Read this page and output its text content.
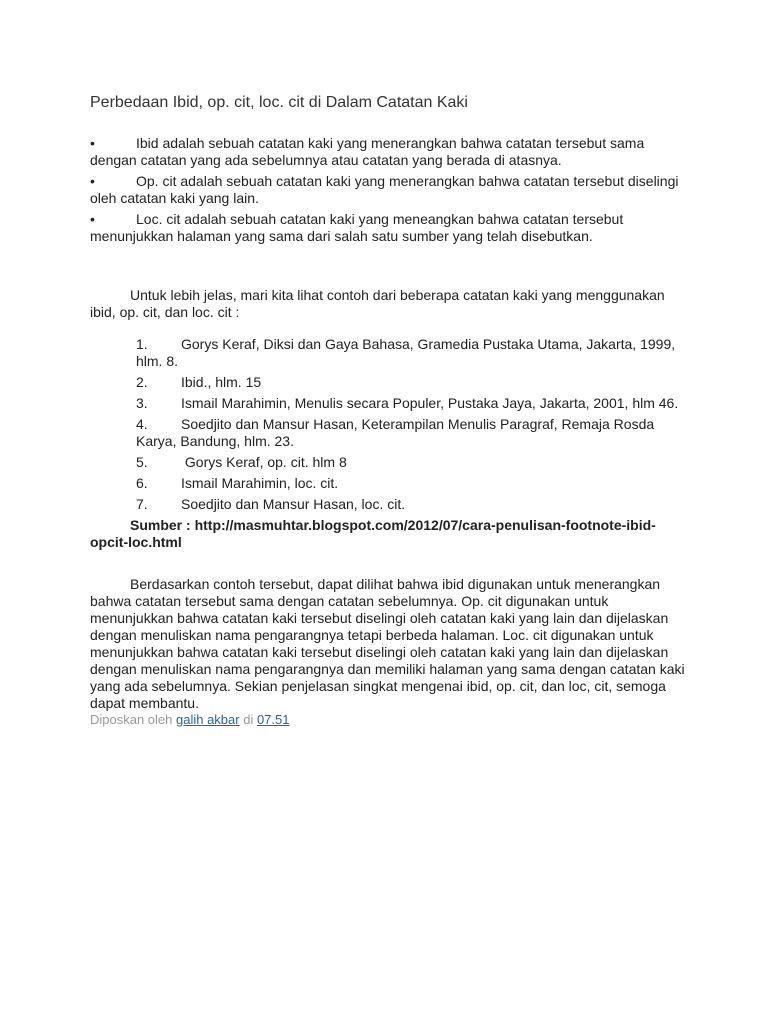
Perbedaan Ibid, op. cit, loc. cit di Dalam Catatan Kaki
•	Ibid adalah sebuah catatan kaki yang menerangkan bahwa catatan tersebut sama dengan catatan yang ada sebelumnya atau catatan yang berada di atasnya.
•	Op. cit adalah sebuah catatan kaki yang menerangkan bahwa catatan tersebut diselingi oleh catatan kaki yang lain.
•	Loc. cit adalah sebuah catatan kaki yang meneangkan bahwa catatan tersebut menunjukkan halaman yang sama dari salah satu sumber yang telah disebutkan.

Untuk lebih jelas, mari kita lihat contoh dari beberapa catatan kaki yang menggunakan ibid, op. cit, dan loc. cit :

1. Gorys Keraf, Diksi dan Gaya Bahasa, Gramedia Pustaka Utama, Jakarta, 1999, hlm. 8.
2. Ibid., hlm. 15
3. Ismail Marahimin, Menulis secara Populer, Pustaka Jaya, Jakarta, 2001, hlm 46.
4. Soedjito dan Mansur Hasan, Keterampilan Menulis Paragraf, Remaja Rosda Karya, Bandung, hlm. 23.
5. Gorys Keraf, op. cit. hlm 8
6. Ismail Marahimin, loc. cit.
7. Soedjito dan Mansur Hasan, loc. cit.

Sumber : http://masmuhtar.blogspot.com/2012/07/cara-penulisan-footnote-ibid-opcit-loc.html

Berdasarkan contoh tersebut, dapat dilihat bahwa ibid digunakan untuk menerangkan bahwa catatan tersebut sama dengan catatan sebelumnya. Op. cit digunakan untuk menunjukkan bahwa catatan kaki tersebut diselingi oleh catatan kaki yang lain dan dijelaskan dengan menuliskan nama pengarangnya tetapi berbeda halaman. Loc. cit digunakan untuk menunjukkan bahwa catatan kaki tersebut diselingi oleh catatan kaki yang lain dan dijelaskan dengan menuliskan nama pengarangnya dan memiliki halaman yang sama dengan catatan kaki yang ada sebelumnya. Sekian penjelasan singkat mengenai ibid, op. cit, dan loc, cit, semoga dapat membantu.

Diposkan oleh galih akbar di 07.51
